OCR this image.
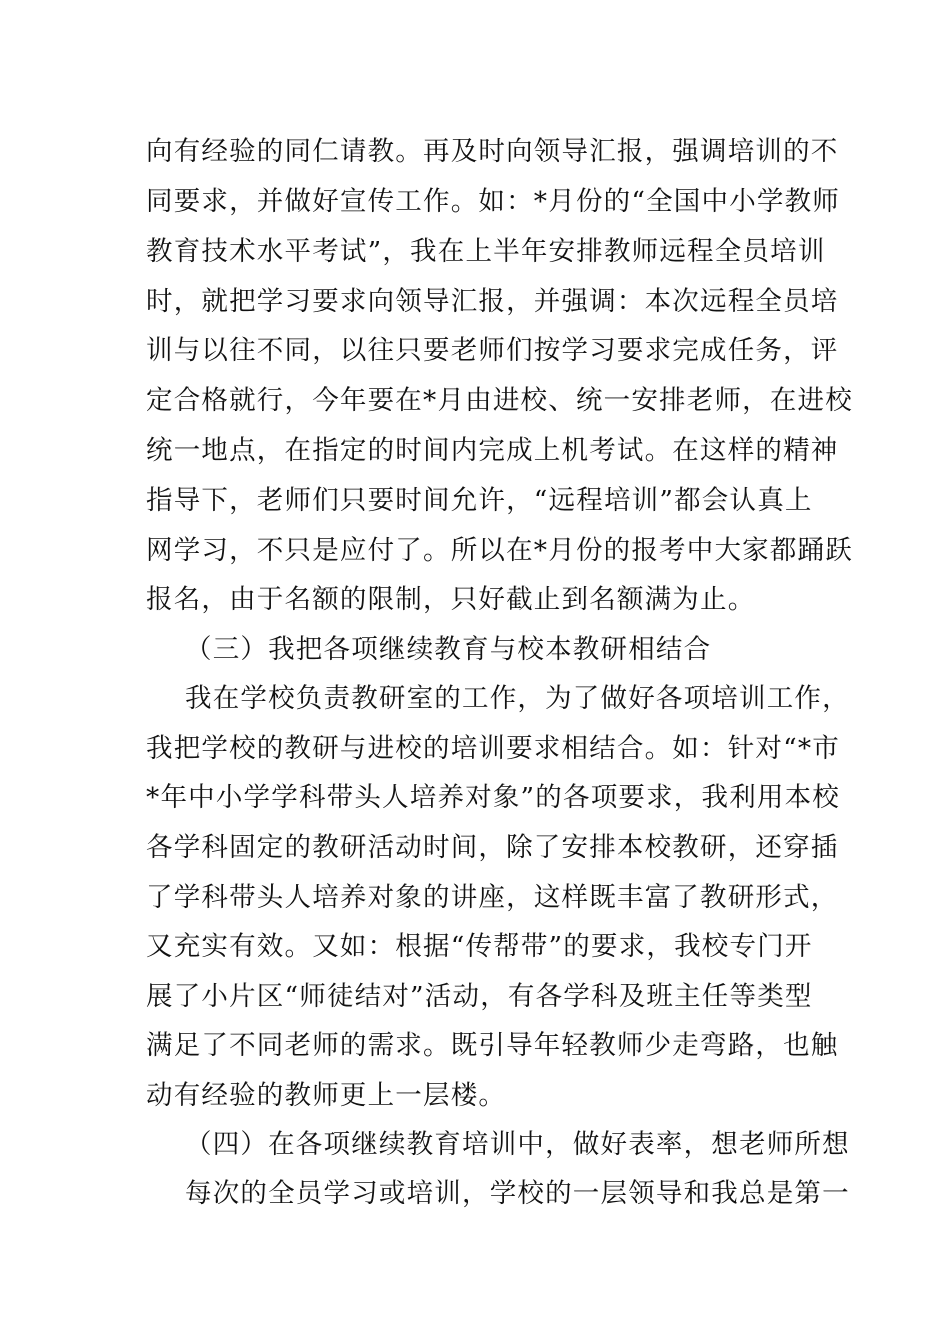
向有经验的同仁请教。再及时向领导汇报，强调培训的不
同要求，并做好宣传工作。如：*月份的“全国中小学教师
教育技术水平考试”，我在上半年安排教师远程全员培训
时，就把学习要求向领导汇报，并强调：本次远程全员培
训与以往不同，以往只要老师们按学习要求完成任务，评
定合格就行，今年要在*月由进校、统一安排老师，在进校
统一地点，在指定的时间内完成上机考试。在这样的精神
指导下，老师们只要时间允许，“远程培训”都会认真上
网学习，不只是应付了。所以在*月份的报考中大家都踊跃
报名，由于名额的限制，只好截止到名额满为止。
（三）我把各项继续教育与校本教研相结合
我在学校负责教研室的工作，为了做好各项培训工作，
我把学校的教研与进校的培训要求相结合。如：针对“*市
*年中小学学科带头人培养对象”的各项要求，我利用本校
各学科固定的教研活动时间，除了安排本校教研，还穿插
了学科带头人培养对象的讲座，这样既丰富了教研形式，
又充实有效。又如：根据“传帮带”的要求，我校专门开
展了小片区“师徒结对”活动，有各学科及班主任等类型
满足了不同老师的需求。既引导年轻教师少走弯路，也触
动有经验的教师更上一层楼。
（四）在各项继续教育培训中，做好表率，想老师所想
每次的全员学习或培训，学校的一层领导和我总是第一
